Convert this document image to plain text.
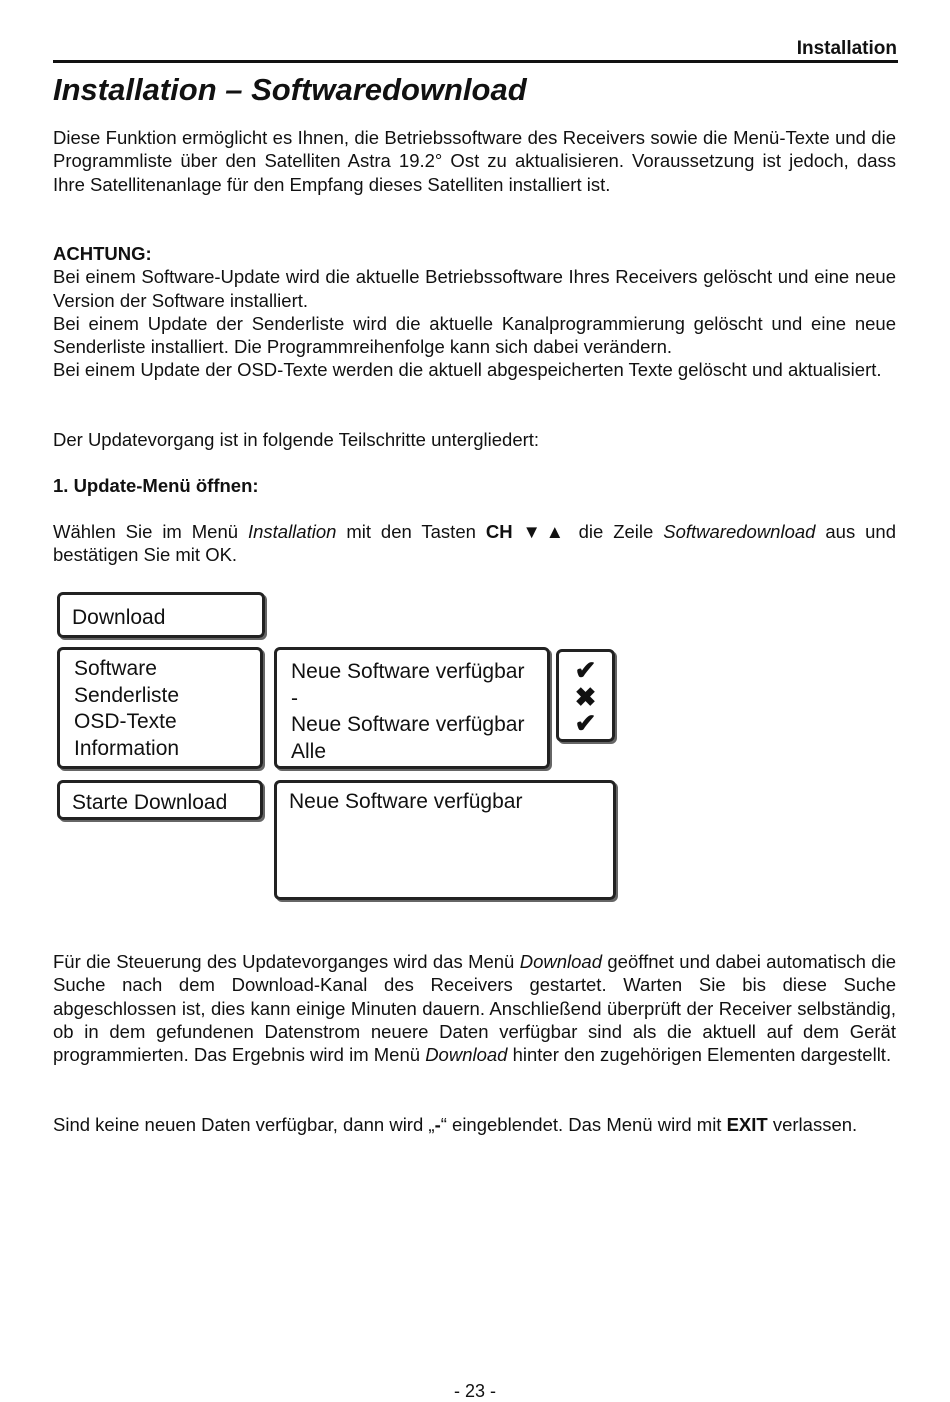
Installation
Installation – Softwaredownload

Diese Funktion ermöglicht es Ihnen, die Betriebssoftware des Receivers sowie die Menü-Texte und die Programmliste über den Satelliten Astra 19.2° Ost zu aktualisieren. Voraussetzung ist jedoch, dass Ihre Satellitenanlage für den Empfang dieses Satelliten installiert ist.

ACHTUNG:
Bei einem Software-Update wird die aktuelle Betriebssoftware Ihres Receivers gelöscht und eine neue Version der Software installiert.
Bei einem Update der Senderliste wird die aktuelle Kanalprogrammierung gelöscht und eine neue Senderliste installiert. Die Programmreihenfolge kann sich dabei verändern.
Bei einem Update der OSD-Texte werden die aktuell abgespeicherten Texte gelöscht und aktualisiert.

Der Updatevorgang ist in folgende Teilschritte untergliedert:

1. Update-Menü öffnen:

Wählen Sie im Menü Installation mit den Tasten CH ▼▲ die Zeile Softwaredownload aus und bestätigen Sie mit OK.

Download
Software
Senderliste
OSD-Texte
Information
Neue Software verfügbar
-
Neue Software verfügbar
Alle
✔
✖
✔
Starte Download	Neue Software verfügbar

Für die Steuerung des Updatevorganges wird das Menü Download geöffnet und dabei automatisch die Suche nach dem Download-Kanal des Receivers gestartet. Warten Sie bis diese Suche abgeschlossen ist, dies kann einige Minuten dauern. Anschließend überprüft der Receiver selbständig, ob in dem gefundenen Datenstrom neuere Daten verfügbar sind als die aktuell auf dem Gerät programmierten. Das Ergebnis wird im Menü Download hinter den zugehörigen Elementen dargestellt.

Sind keine neuen Daten verfügbar, dann wird „-“ eingeblendet. Das Menü wird mit EXIT verlassen.

- 23 -
